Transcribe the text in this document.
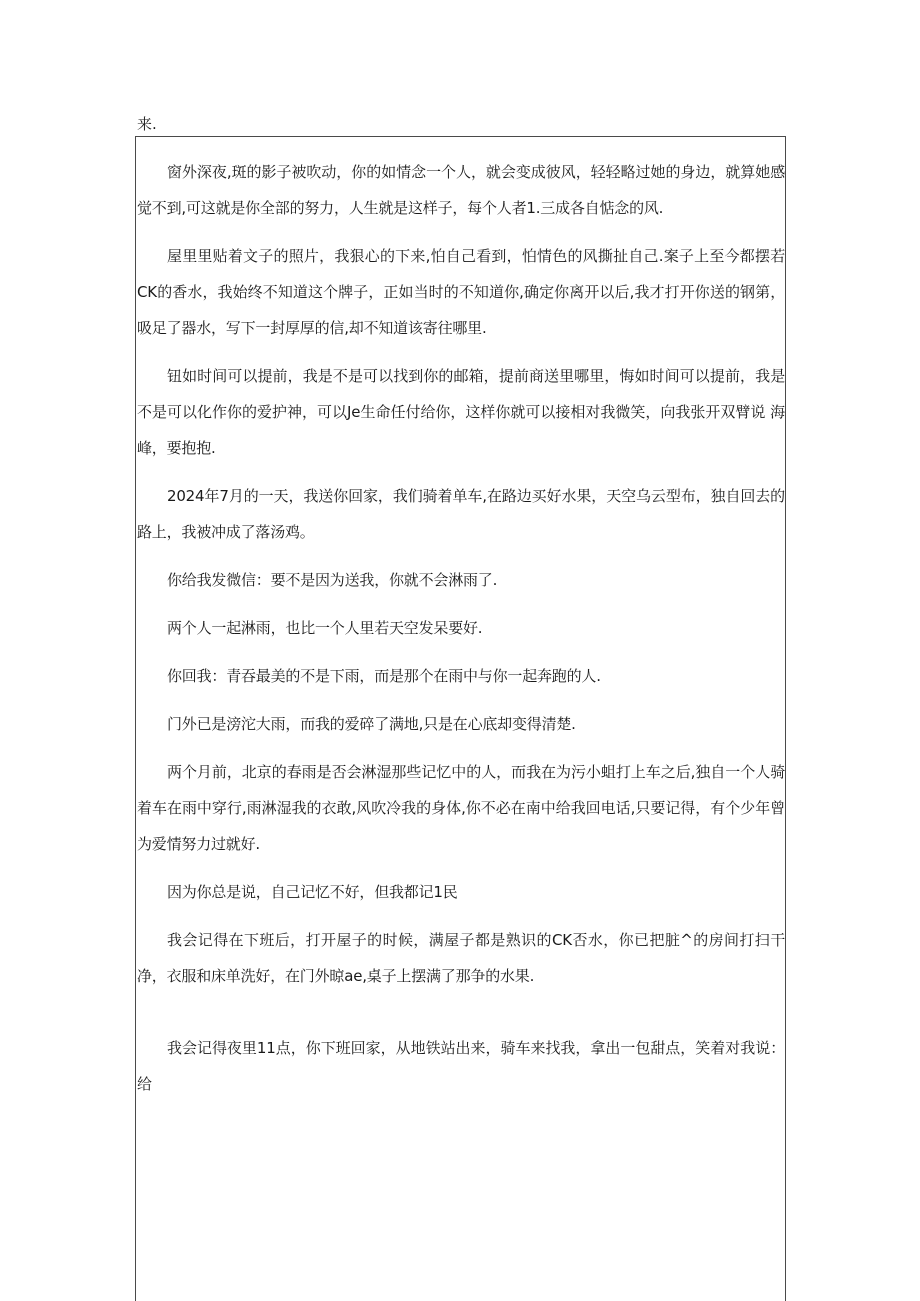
来.

窗外深夜,斑的影子被吹动，你的如情念一个人，就会变成彼风，轻轻略过她的身边，就算她感觉不到,可这就是你全部的努力，人生就是这样子，每个人者1.三成各自惦念的风.

屋里里贴着文子的照片，我狠心的下来,怕自己看到，怕情色的风撕扯自己.案子上至今都摆若CK的香水，我始终不知道这个牌子，正如当时的不知道你,确定你离开以后,我才打开你送的钢第，吸足了器水，写下一封厚厚的信,却不知道该寄往哪里.

钮如时间可以提前，我是不是可以找到你的邮箱，提前商送里哪里，悔如时间可以提前，我是不是可以化作你的爱护神，可以Je生命任付给你，这样你就可以接相对我微笑，向我张开双臂说 海峰，要抱抱.

2024年7月的一天，我送你回家，我们骑着单车,在路边买好水果，天空乌云型布，独自回去的路上，我被冲成了落汤鸡。

你给我发微信：要不是因为送我，你就不会淋雨了.

两个人一起淋雨，也比一个人里若天空发呆要好.

你回我：青吞最美的不是下雨，而是那个在雨中与你一起奔跑的人.

门外已是滂沱大雨，而我的爱碎了满地,只是在心底却变得清楚.

两个月前，北京的春雨是否会淋湿那些记忆中的人，而我在为污小蛆打上车之后,独自一个人骑着车在雨中穿行,雨淋湿我的衣敢,风吹冷我的身体,你不必在南中给我回电话,只要记得，有个少年曾为爱情努力过就好.

因为你总是说，自己记忆不好，但我都记1民

我会记得在下班后，打开屋子的时候，满屋子都是熟识的CK否水，你已把脏^的房间打扫干净，衣服和床单洗好，在门外晾ae,桌子上摆满了那争的水果.

我会记得夜里11点，你下班回家，从地铁站出来，骑车来找我，拿出一包甜点，笑着对我说：给
